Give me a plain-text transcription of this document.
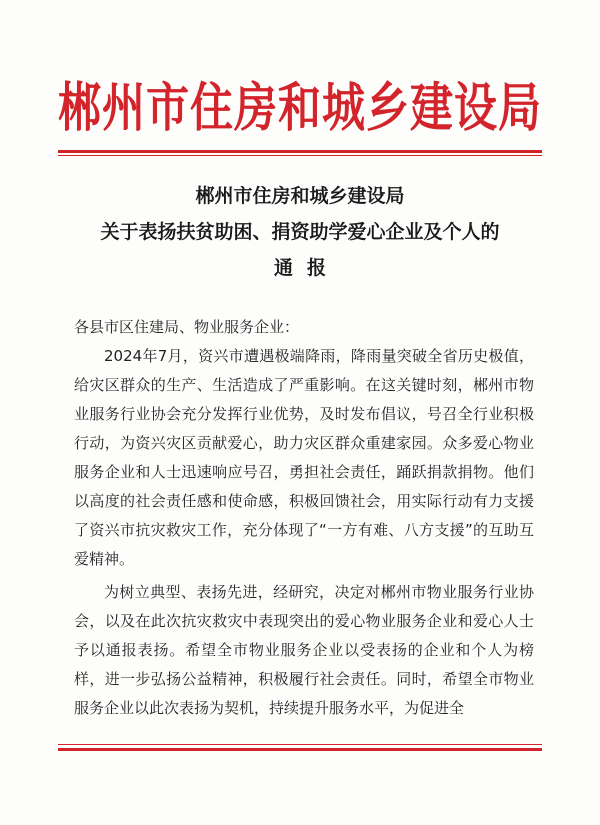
郴州市住房和城乡建设局
郴州市住房和城乡建设局
关于表扬扶贫助困、捐资助学爱心企业及个人的
通报

各县市区住建局、物业服务企业：

2024年7月，资兴市遭遇极端降雨，降雨量突破全省历史极值，给灾区群众的生产、生活造成了严重影响。在这关键时刻，郴州市物业服务行业协会充分发挥行业优势，及时发布倡议，号召全行业积极行动，为资兴灾区贡献爱心，助力灾区群众重建家园。众多爱心物业服务企业和人士迅速响应号召，勇担社会责任，踊跃捐款捐物。他们以高度的社会责任感和使命感，积极回馈社会，用实际行动有力支援了资兴市抗灾救灾工作，充分体现了“一方有难、八方支援”的互助互爱精神。

为树立典型、表扬先进，经研究，决定对郴州市物业服务行业协会，以及在此次抗灾救灾中表现突出的爱心物业服务企业和爱心人士予以通报表扬。希望全市物业服务企业以受表扬的企业和个人为榜样，进一步弘扬公益精神，积极履行社会责任。同时，希望全市物业服务企业以此次表扬为契机，持续提升服务水平，为促进全
